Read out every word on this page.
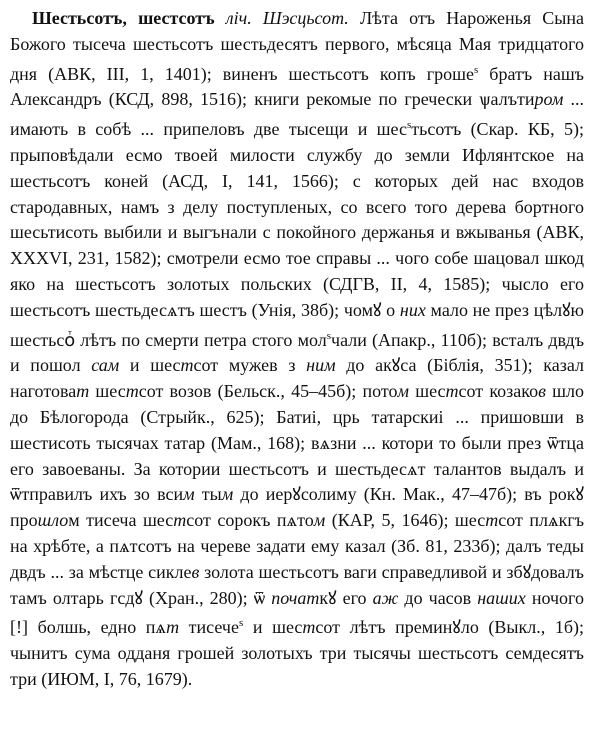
Шестьсотъ, шестсотъ ліч. Шэсцьсот. Лѣта отъ Нароженья Сына Божого тысеча шестьсотъ шестьдесятъ первого, мѣсяца Мая тридцатого дня (АВК, III, 1, 1401); виненъ шестьсотъ копъ гроше$^s$ братъ нашъ Александръ (КСД, 898, 1516); книги рекомые по гречески ѱалътиром ... имають в собѣ ... припеловъ две тысещи и шес$^s$тьсотъ (Скар. КБ, 5); прыповѣдали есмо твоей милости службу до земли Ифлянтское на шестьсотъ коней (АСД, І, 141, 1566); с которых дей нас входов стародавных, намъ з делу поступленых, со всего того дерева бортного шесьтисоть выбили и выгънали с покойного держанья и вжыванья (АВК, XXXVI, 231, 1582); смотрели есмо тое справы ... чого собе шацовал шкод яко на шестьсотъ золотых польских (СДГВ, II, 4, 1585); чысло его шестьсотъ шестьдесѧтъ шестъ (Унія, 38б); чомꙋ о них мало не през цѣлꙋю шестьсоⷮ лѣтъ по смерти петра стого мол$^s$чали (Апакр., 110б); всталъ двдъ и пошол сам и шестсот мужев з ним до акꙋса (Біблія, 351); казал наготоват шестсот возов (Бельск., 45–45б); потом шестсот козаков шло до Бѣлогорода (Стрыйк., 625); Батиі, црь татарскиі ... пришовши в шестисоть тысячах татар (Мам., 168); вѧзни ... котори то были през ѿтца его завоеваны. За котории шестьсотъ и шестьдесѧт талантов выдалъ и ѿтправилъ ихъ зо всим тым до иерꙋсолиму (Кн. Мак., 47–47б); въ рокꙋ прошлом тисеча шестсот сорокъ пѧтом (КАР, 5, 1646); шестсот плѧкгъ на хрѣбте, а пѧтсотъ на череве задати ему казал (Зб. 81, 233б); далъ теды двдъ ... за мѣстце сиклев золота шестьсотъ ваги справедливой и збꙋдовалъ тамъ олтарь гсдꙋ (Хран., 280); ѿ початкꙋ его аж до часов наших ночого [!] болшь, едно пѧт тисече$^s$ и шестсот лѣтъ преминꙋло (Выкл., 1б); чынитъ сума одданя грошей золотыхъ три тысячы шестьсотъ семдесятъ три (ИЮМ, I, 76, 1679).
